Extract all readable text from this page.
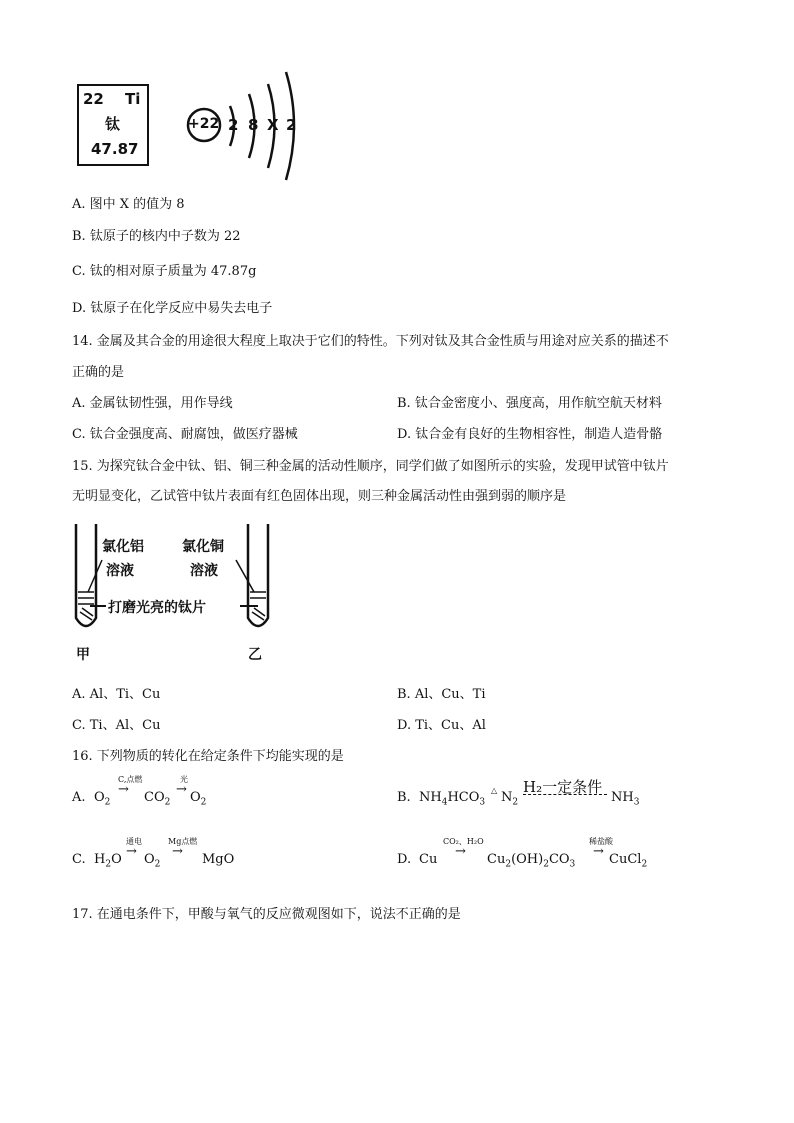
22 Ti
钛
47.87
+22 2 8 X 2
A. 图中 X 的值为 8
B. 钛原子的核内中子数为 22
C. 钛的相对原子质量为 47.87g
D. 钛原子在化学反应中易失去电子
14. 金属及其合金的用途很大程度上取决于它们的特性。下列对钛及其合金性质与用途对应关系的描述不
正确的是
A. 金属钛韧性强，用作导线	B. 钛合金密度小、强度高，用作航空航天材料
C. 钛合金强度高、耐腐蚀，做医疗器械	D. 钛合金有良好的生物相容性，制造人造骨骼
15. 为探究钛合金中钛、铝、铜三种金属的活动性顺序，同学们做了如图所示的实验，发现甲试管中钛片
无明显变化，乙试管中钛片表面有红色固体出现，则三种金属活动性由强到弱的顺序是
氯化铝
溶液
氯化铜
溶液
打磨光亮的钛片
甲	乙
A. Al、Ti、Cu	B. Al、Cu、Ti
C. Ti、Al、Cu	D. Ti、Cu、Al
16. 下列物质的转化在给定条件下均能实现的是
A. $O_2$
C,点燃
→
$CO_2$
光
→
$O_2$	B. $NH_4HCO_3$
△ $N_2$
H₂一定条件
$NH_3$
C. $H_2O$
通电
→
$O_2$
Mg点燃
→
MgO	D. Cu
CO₂、H₂O
→
$Cu_2(OH)_2CO_3$
稀盐酸
→
CuCl$_2$
17. 在通电条件下，甲酸与氧气的反应微观图如下，说法不正确的是
